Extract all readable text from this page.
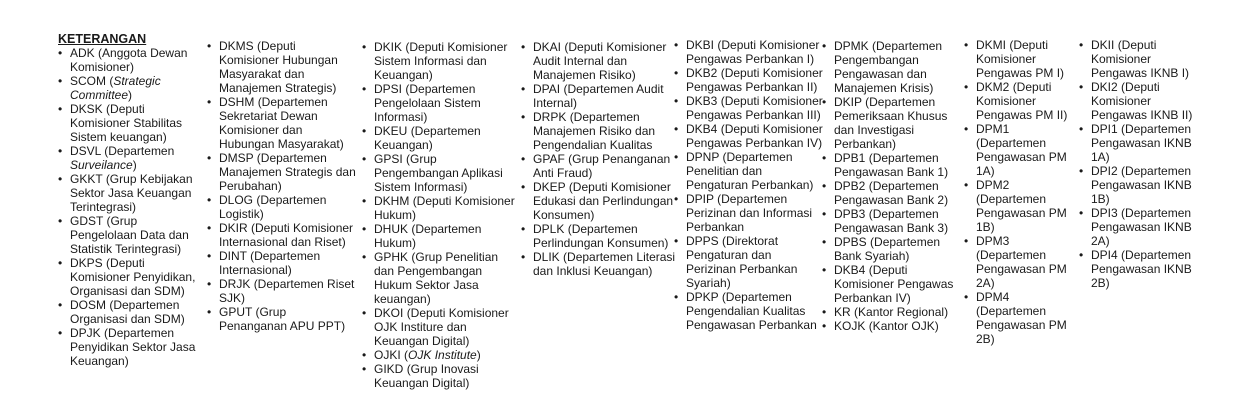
KETERANGAN
• ADK (Anggota Dewan Komisioner)
• SCOM (Strategic Committee)
• DKSK (Deputi Komisioner Stabilitas Sistem keuangan)
• DSVL (Departemen Surveilance)
• GKKT (Grup Kebijakan Sektor Jasa Keuangan Terintegrasi)
• GDST (Grup Pengelolaan Data dan Statistik Terintegrasi)
• DKPS (Deputi Komisioner Penyidikan, Organisasi dan SDM)
• DOSM (Departemen Organisasi dan SDM)
• DPJK (Departemen Penyidikan Sektor Jasa Keuangan)
• DKMS (Deputi Komisioner Hubungan Masyarakat dan Manajemen Strategis)
• DSHM (Departemen Sekretariat Dewan Komisioner dan Hubungan Masyarakat)
• DMSP (Departemen Manajemen Strategis dan Perubahan)
• DLOG (Departemen Logistik)
• DKIR (Deputi Komisioner Internasional dan Riset)
• DINT (Departemen Internasional)
• DRJK (Departemen Riset SJK)
• GPUT (Grup Penanganan APU PPT)
• DKIK (Deputi Komisioner Sistem Informasi dan Keuangan)
• DPSI (Departemen Pengelolaan Sistem Informasi)
• DKEU (Departemen Keuangan)
• GPSI (Grup Pengembangan Aplikasi Sistem Informasi)
• DKHM (Deputi Komisioner Hukum)
• DHUK (Departemen Hukum)
• GPHK (Grup Penelitian dan Pengembangan Hukum Sektor Jasa keuangan)
• DKOI (Deputi Komisioner OJK Institure dan Keuangan Digital)
• OJKI (OJK Institute)
• GIKD (Grup Inovasi Keuangan Digital)
• DKAI (Deputi Komisioner Audit Internal dan Manajemen Risiko)
• DPAI (Departemen Audit Internal)
• DRPK (Departemen Manajemen Risiko dan Pengendalian Kualitas
• GPAF (Grup Penanganan Anti Fraud)
• DKEP (Deputi Komisioner Edukasi dan Perlindungan Konsumen)
• DPLK (Departemen Perlindungan Konsumen)
• DLIK (Departemen Literasi dan Inklusi Keuangan)
• DKBI (Deputi Komisioner Pengawas Perbankan I)
• DKB2 (Deputi Komisioner Pengawas Perbankan II)
• DKB3 (Deputi Komisioner Pengawas Perbankan III)
• DKB4 (Deputi Komisioner Pengawas Perbankan IV)
• DPNP (Departemen Penelitian dan Pengaturan Perbankan)
• DPIP (Departemen Perizinan dan Informasi Perbankan
• DPPS (Direktorat Pengaturan dan Perizinan Perbankan Syariah)
• DPKP (Departemen Pengendalian Kualitas Pengawasan Perbankan
• DPMK (Departemen Pengembangan Pengawasan dan Manajemen Krisis)
• DKIP (Departemen Pemeriksaan Khusus dan Investigasi Perbankan)
• DPB1 (Departemen Pengawasan Bank 1)
• DPB2 (Departemen Pengawasan Bank 2)
• DPB3 (Departemen Pengawasan Bank 3)
• DPBS (Departemen Bank Syariah)
• DKB4 (Deputi Komisioner Pengawas Perbankan IV)
• KR (Kantor Regional)
• KOJK (Kantor OJK)
• DKMI (Deputi Komisioner Pengawas PM I)
• DKM2 (Deputi Komisioner Pengawas PM II)
• DPM1 (Departemen Pengawasan PM 1A)
• DPM2 (Departemen Pengawasan PM 1B)
• DPM3 (Departemen Pengawasan PM 2A)
• DPM4 (Departemen Pengawasan PM 2B)
• DKII (Deputi Komisioner Pengawas IKNB I)
• DKI2 (Deputi Komisioner Pengawas IKNB II)
• DPI1 (Departemen Pengawasan IKNB 1A)
• DPI2 (Departemen Pengawasan IKNB 1B)
• DPI3 (Departemen Pengawasan IKNB 2A)
• DPI4 (Departemen Pengawasan IKNB 2B)
